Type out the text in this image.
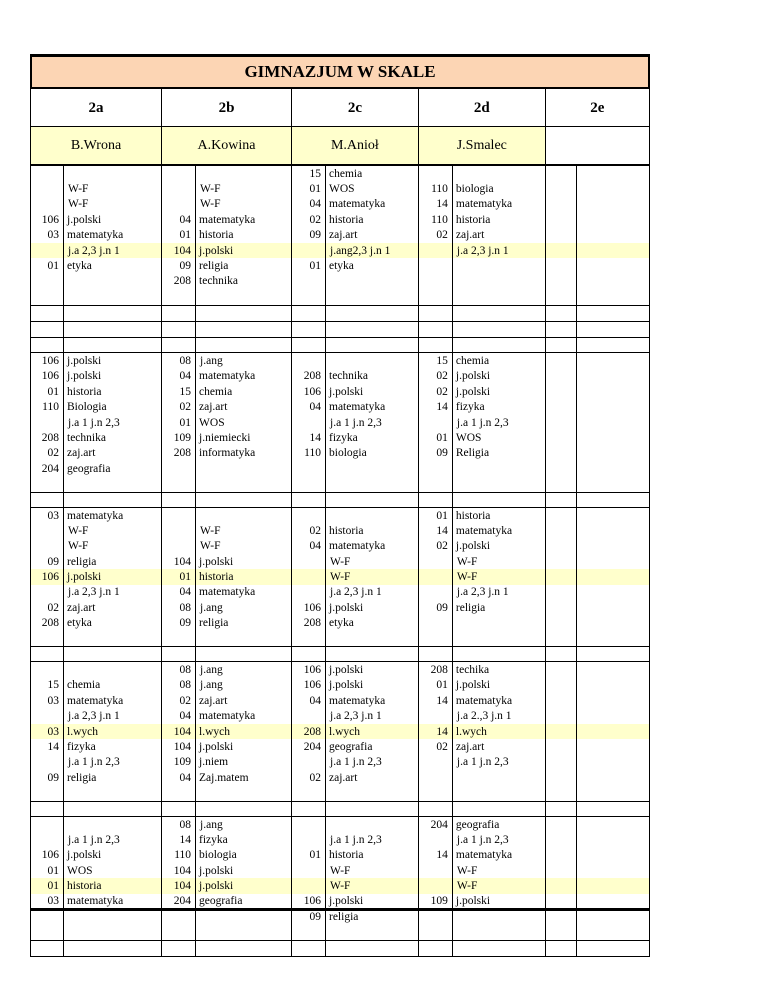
GIMNAZJUM W SKALE
2a		2b		2c		2d		2e	
B.Wrona		A.Kowina		M.Anioł		J.Smalec			
				15	chemia				
	W-F		W-F	01	WOS	110	biologia		
	W-F		W-F	04	matematyka	14	matematyka		
106	j.polski	04	matematyka	02	historia	110	historia		
03	matematyka	01	historia	09	zaj.art	02	zaj.art		
	j.a 2,3 j.n 1	104	j.polski		j.ang2,3 j.n 1		j.a 2,3 j.n 1		
01	etyka	09	religia	01	etyka				
		208	technika						

106	j.polski	08	j.ang			15	chemia		
106	j.polski	04	matematyka	208	technika	02	j.polski		
01	historia	15	chemia	106	j.polski	02	j.polski		
110	Biologia	02	zaj.art	04	matematyka	14	fizyka		
	j.a 1 j.n 2,3	01	WOS		j.a 1 j.n 2,3		j.a 1 j.n 2,3		
208	technika	109	j.niemiecki	14	fizyka	01	WOS		
02	zaj.art	208	informatyka	110	biologia	09	Religia		
204	geografia								

03	matematyka					01	historia		
	W-F		W-F	02	historia	14	matematyka		
	W-F		W-F	04	matematyka	02	j.polski		
09	religia	104	j.polski		W-F		W-F		
106	j.polski	01	historia		W-F		W-F		
	j.a 2,3 j.n 1	04	matematyka		j.a 2,3 j.n 1		j.a 2,3 j.n 1		
02	zaj.art	08	j.ang	106	j.polski	09	religia		
208	etyka	09	religia	208	etyka				

		08	j.ang	106	j.polski	208	techika		
15	chemia	08	j.ang	106	j.polski	01	j.polski		
03	matematyka	02	zaj.art	04	matematyka	14	matematyka		
	j.a 2,3 j.n 1	04	matematyka		j.a 2,3 j.n 1		j.a 2.,3 j.n 1		
03	l.wych	104	l.wych	208	l.wych	14	l.wych		
14	fizyka	104	j.polski	204	geografia	02	zaj.art		
	j.a 1 j.n 2,3	109	j.niem		j.a 1 j.n 2,3		j.a 1 j.n 2,3		
09	religia	04	Zaj.matem	02	zaj.art				

		08	j.ang			204	geografia		
	j.a 1 j.n 2,3	14	fizyka		j.a 1 j.n 2,3		j.a 1 j.n 2,3		
106	j.polski	110	biologia	01	historia	14	matematyka		
01	WOS	104	j.polski		W-F		W-F		
01	historia	104	j.polski		W-F		W-F		
03	matematyka	204	geografia	106	j.polski	109	j.polski		
				09	religia				
